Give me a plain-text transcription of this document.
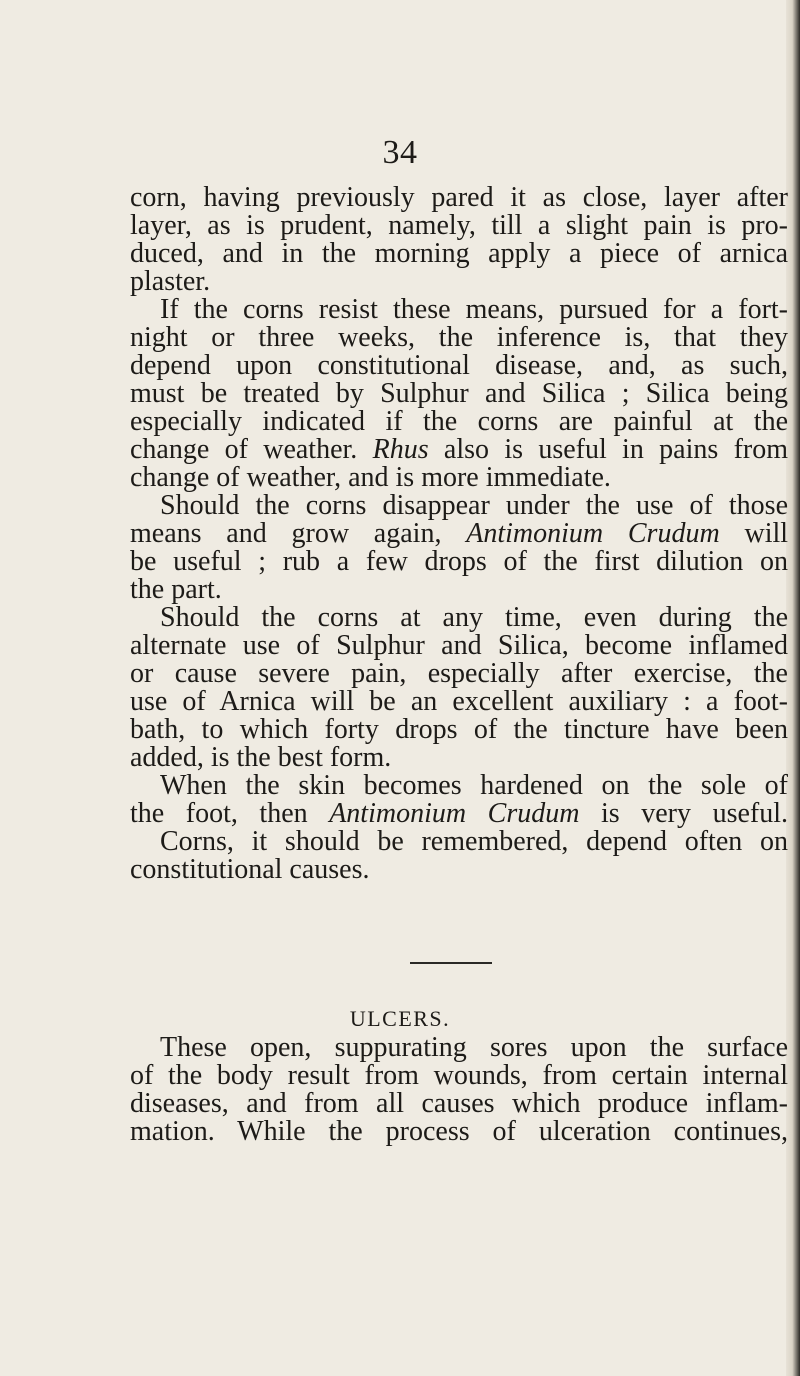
34
corn, having previously pared it as close, layer after
layer, as is prudent, namely, till a slight pain is pro-
duced, and in the morning apply a piece of arnica
plaster.
If the corns resist these means, pursued for a fort-
night or three weeks, the inference is, that they
depend upon constitutional disease, and, as such,
must be treated by Sulphur and Silica ; Silica being
especially indicated if the corns are painful at the
change of weather. Rhus also is useful in pains from
change of weather, and is more immediate.
Should the corns disappear under the use of those
means and grow again, Antimonium Crudum will
be useful ; rub a few drops of the first dilution on
the part.
Should the corns at any time, even during the
alternate use of Sulphur and Silica, become inflamed
or cause severe pain, especially after exercise, the
use of Arnica will be an excellent auxiliary : a foot-
bath, to which forty drops of the tincture have been
added, is the best form.
When the skin becomes hardened on the sole of
the foot, then Antimonium Crudum is very useful.
Corns, it should be remembered, depend often on
constitutional causes.
ULCERS.
These open, suppurating sores upon the surface
of the body result from wounds, from certain internal
diseases, and from all causes which produce inflam-
mation. While the process of ulceration continues,
